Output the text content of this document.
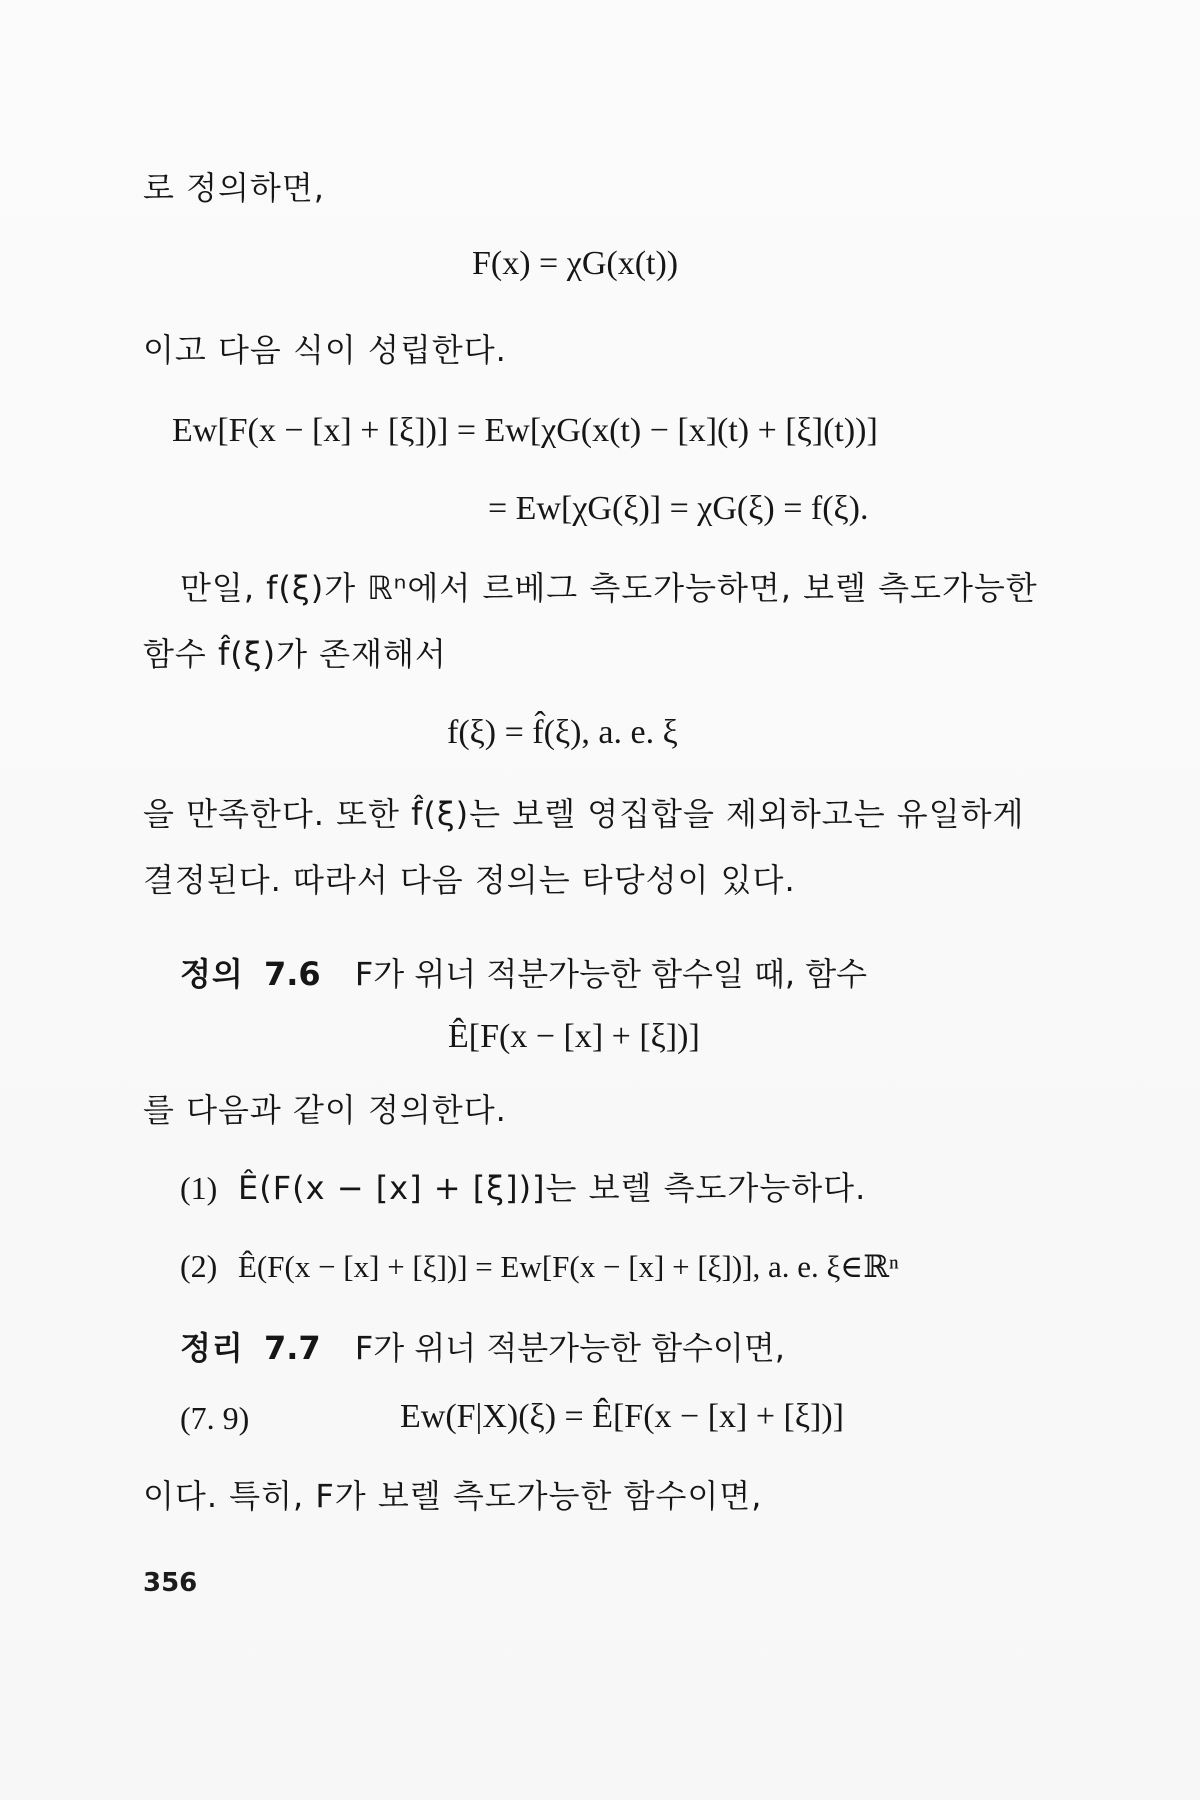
로 정의하면,
F(x) = χG(x(t))
이고 다음 식이 성립한다.
Ew[F(x − [x] + [ξ])] = Ew[χG(x(t) − [x](t) + [ξ](t))]
= Ew[χG(ξ)] = χG(ξ) = f(ξ).
만일, f(ξ)가 ℝⁿ에서 르베그 측도가능하면, 보렐 측도가능한
함수 f̂(ξ)가 존재해서
f(ξ) = f̂(ξ), a. e. ξ
을 만족한다. 또한 f̂(ξ)는 보렐 영집합을 제외하고는 유일하게
결정된다. 따라서 다음 정의는 타당성이 있다.
정의 7.6 F가 위너 적분가능한 함수일 때, 함수
Ê[F(x − [x] + [ξ])]
를 다음과 같이 정의한다.
(1) Ê(F(x − [x] + [ξ])]는 보렐 측도가능하다.
(2) Ê(F(x − [x] + [ξ])] = Ew[F(x − [x] + [ξ])], a. e. ξ∈ℝⁿ
정리 7.7 F가 위너 적분가능한 함수이면,
(7. 9)	Ew(F|X)(ξ) = Ê[F(x − [x] + [ξ])]
이다. 특히, F가 보렐 측도가능한 함수이면,
356
